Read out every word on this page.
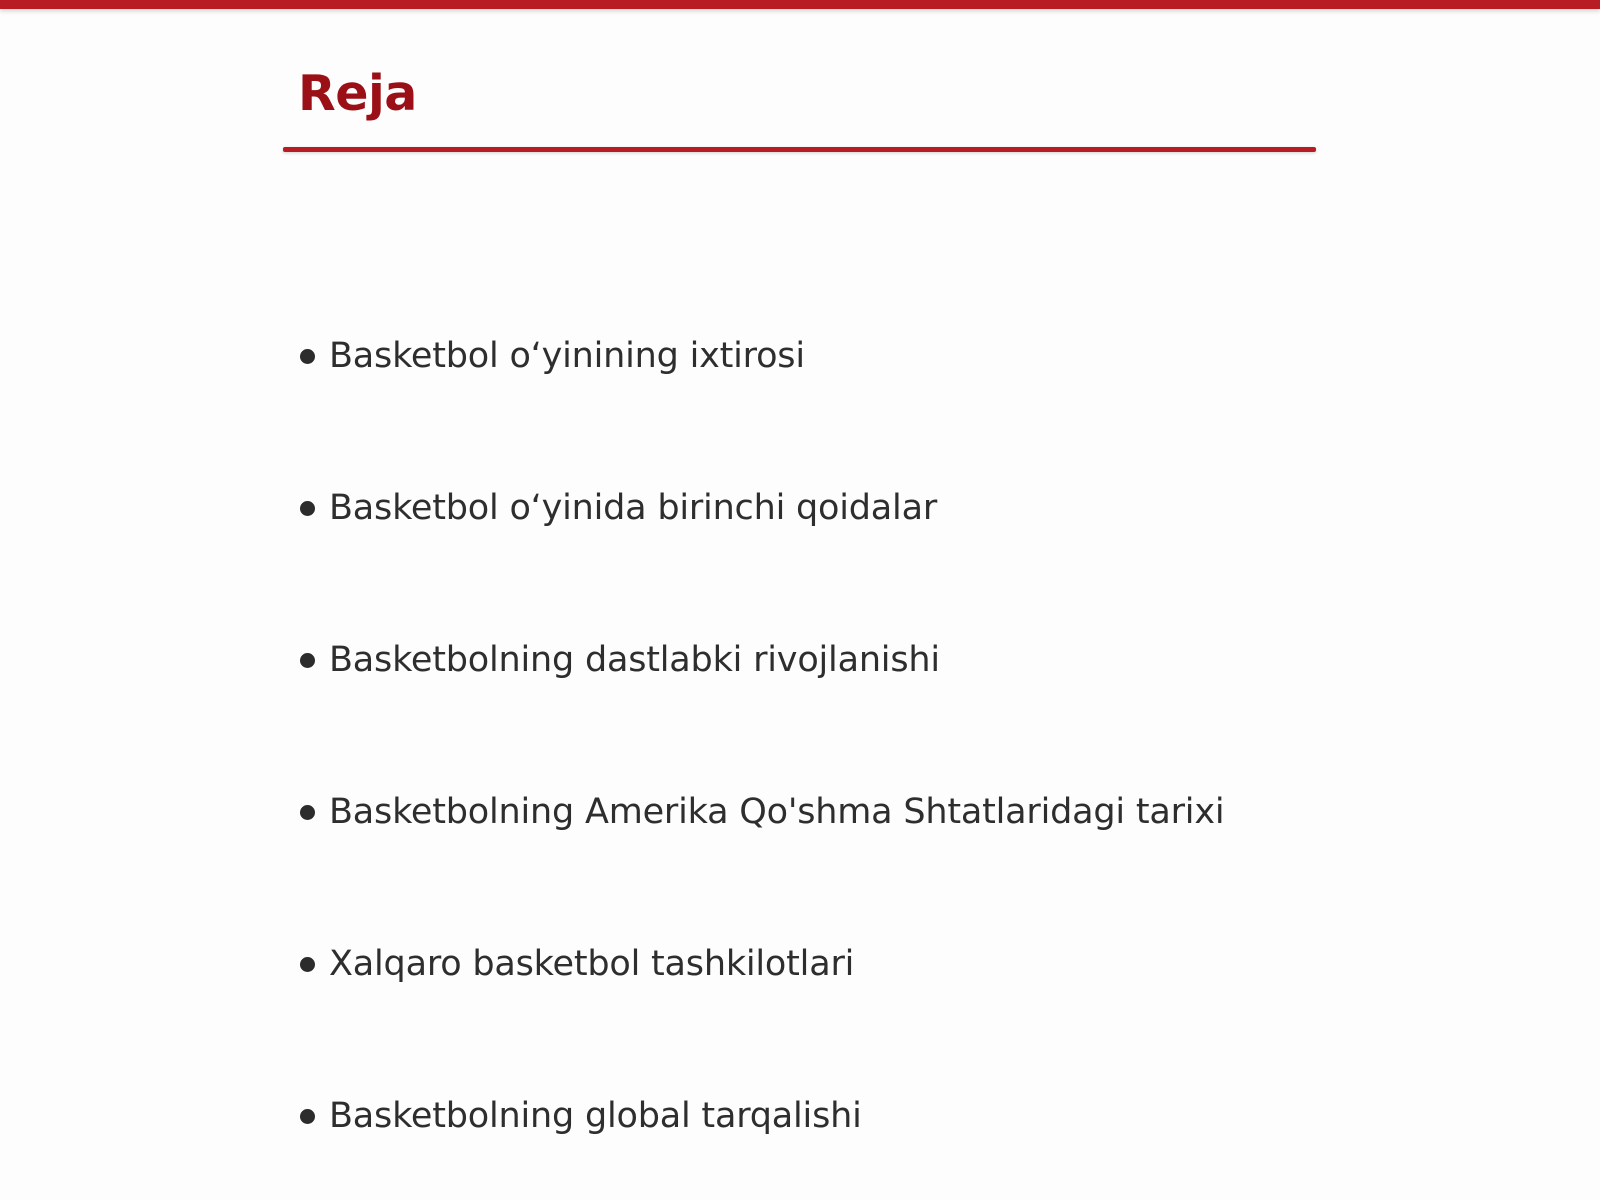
Reja
Basketbol o‘yinining ixtirosi
Basketbol o‘yinida birinchi qoidalar
Basketbolning dastlabki rivojlanishi
Basketbolning Amerika Qo'shma Shtatlaridagi tarixi
Xalqaro basketbol tashkilotlari
Basketbolning global tarqalishi
